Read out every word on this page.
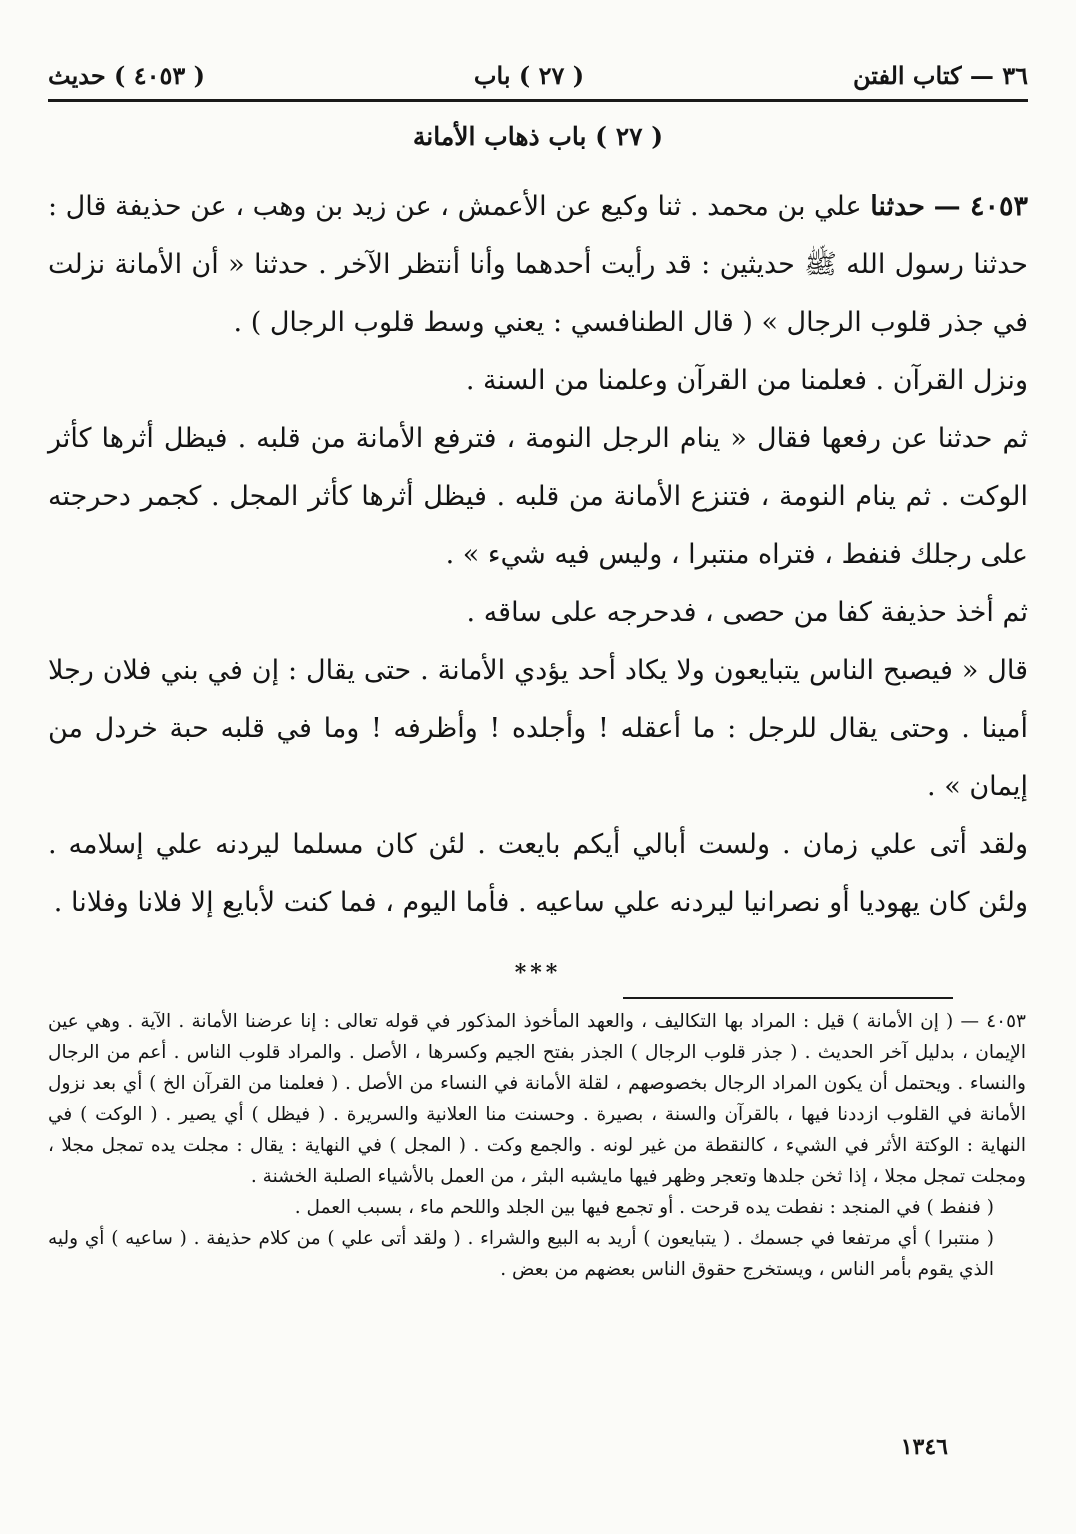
٣٦ — كتاب الفتن
( ٢٧ ) باب
( ٤٠٥٣ ) حديث
( ٢٧ ) باب ذهاب الأمانة

٤٠٥٣ — حدثنا علي بن محمد . ثنا وكيع عن الأعمش ، عن زيد بن وهب ، عن حذيفة قال : حدثنا رسول الله ﷺ حديثين : قد رأيت أحدهما وأنا أنتظر الآخر . حدثنا « أن الأمانة نزلت في جذر قلوب الرجال » ( قال الطنافسي : يعني وسط قلوب الرجال ) .

ونزل القرآن . فعلمنا من القرآن وعلمنا من السنة .

ثم حدثنا عن رفعها فقال « ينام الرجل النومة ، فترفع الأمانة من قلبه . فيظل أثرها كأثر الوكت . ثم ينام النومة ، فتنزع الأمانة من قلبه . فيظل أثرها كأثر المجل . كجمر دحرجته على رجلك فنفط ، فتراه منتبرا ، وليس فيه شيء » .

ثم أخذ حذيفة كفا من حصى ، فدحرجه على ساقه .

قال « فيصبح الناس يتبايعون ولا يكاد أحد يؤدي الأمانة . حتى يقال : إن في بني فلان رجلا أمينا . وحتى يقال للرجل : ما أعقله ! وأجلده ! وأظرفه ! وما في قلبه حبة خردل من إيمان » .

ولقد أتى علي زمان . ولست أبالي أيكم بايعت . لئن كان مسلما ليردنه علي إسلامه . ولئن كان يهوديا أو نصرانيا ليردنه علي ساعيه . فأما اليوم ، فما كنت لأبايع إلا فلانا وفلانا .

***

٤٠٥٣ — ( إن الأمانة ) قيل : المراد بها التكاليف ، والعهد المأخوذ المذكور في قوله تعالى : إنا عرضنا الأمانة . الآية . وهي عين الإيمان ، بدليل آخر الحديث . ( جذر قلوب الرجال ) الجذر بفتح الجيم وكسرها ، الأصل . والمراد قلوب الناس . أعم من الرجال والنساء . ويحتمل أن يكون المراد الرجال بخصوصهم ، لقلة الأمانة في النساء من الأصل . ( فعلمنا من القرآن الخ ) أي بعد نزول الأمانة في القلوب ازددنا فيها ، بالقرآن والسنة ، بصيرة . وحسنت منا العلانية والسريرة . ( فيظل ) أي يصير . ( الوكت ) في النهاية : الوكتة الأثر في الشيء ، كالنقطة من غير لونه . والجمع وكت . ( المجل ) في النهاية : يقال : مجلت يده تمجل مجلا ، ومجلت تمجل مجلا ، إذا ثخن جلدها وتعجر وظهر فيها مايشبه البثر ، من العمل بالأشياء الصلبة الخشنة .

( فنفط ) في المنجد : نفطت يده قرحت . أو تجمع فيها بين الجلد واللحم ماء ، بسبب العمل .

( منتبرا ) أي مرتفعا في جسمك . ( يتبايعون ) أريد به البيع والشراء . ( ولقد أتى علي ) من كلام حذيفة . ( ساعيه ) أي وليه الذي يقوم بأمر الناس ، ويستخرج حقوق الناس بعضهم من بعض .

١٣٤٦
